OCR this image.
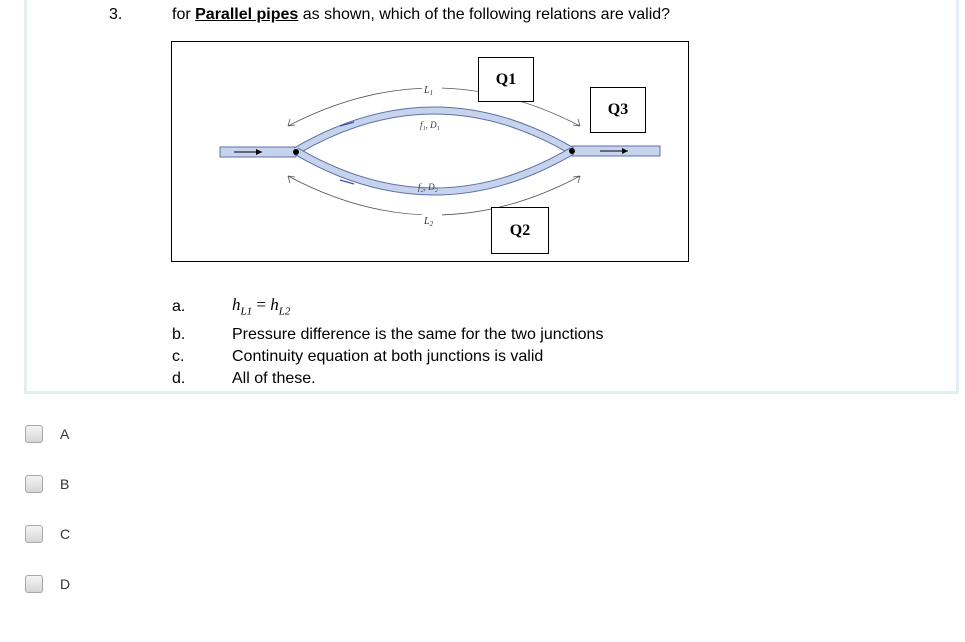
3.	for Parallel pipes as shown, which of the following relations are valid?
$L_1$
$L_2$
f₁, D₁
f₂, D₂
Q1
Q3
Q2
a.	$h_{L1} = h_{L2}$
b.	Pressure difference is the same for the two junctions
c.	Continuity equation at both junctions is valid
d.	All of these.
A
B
C
D
